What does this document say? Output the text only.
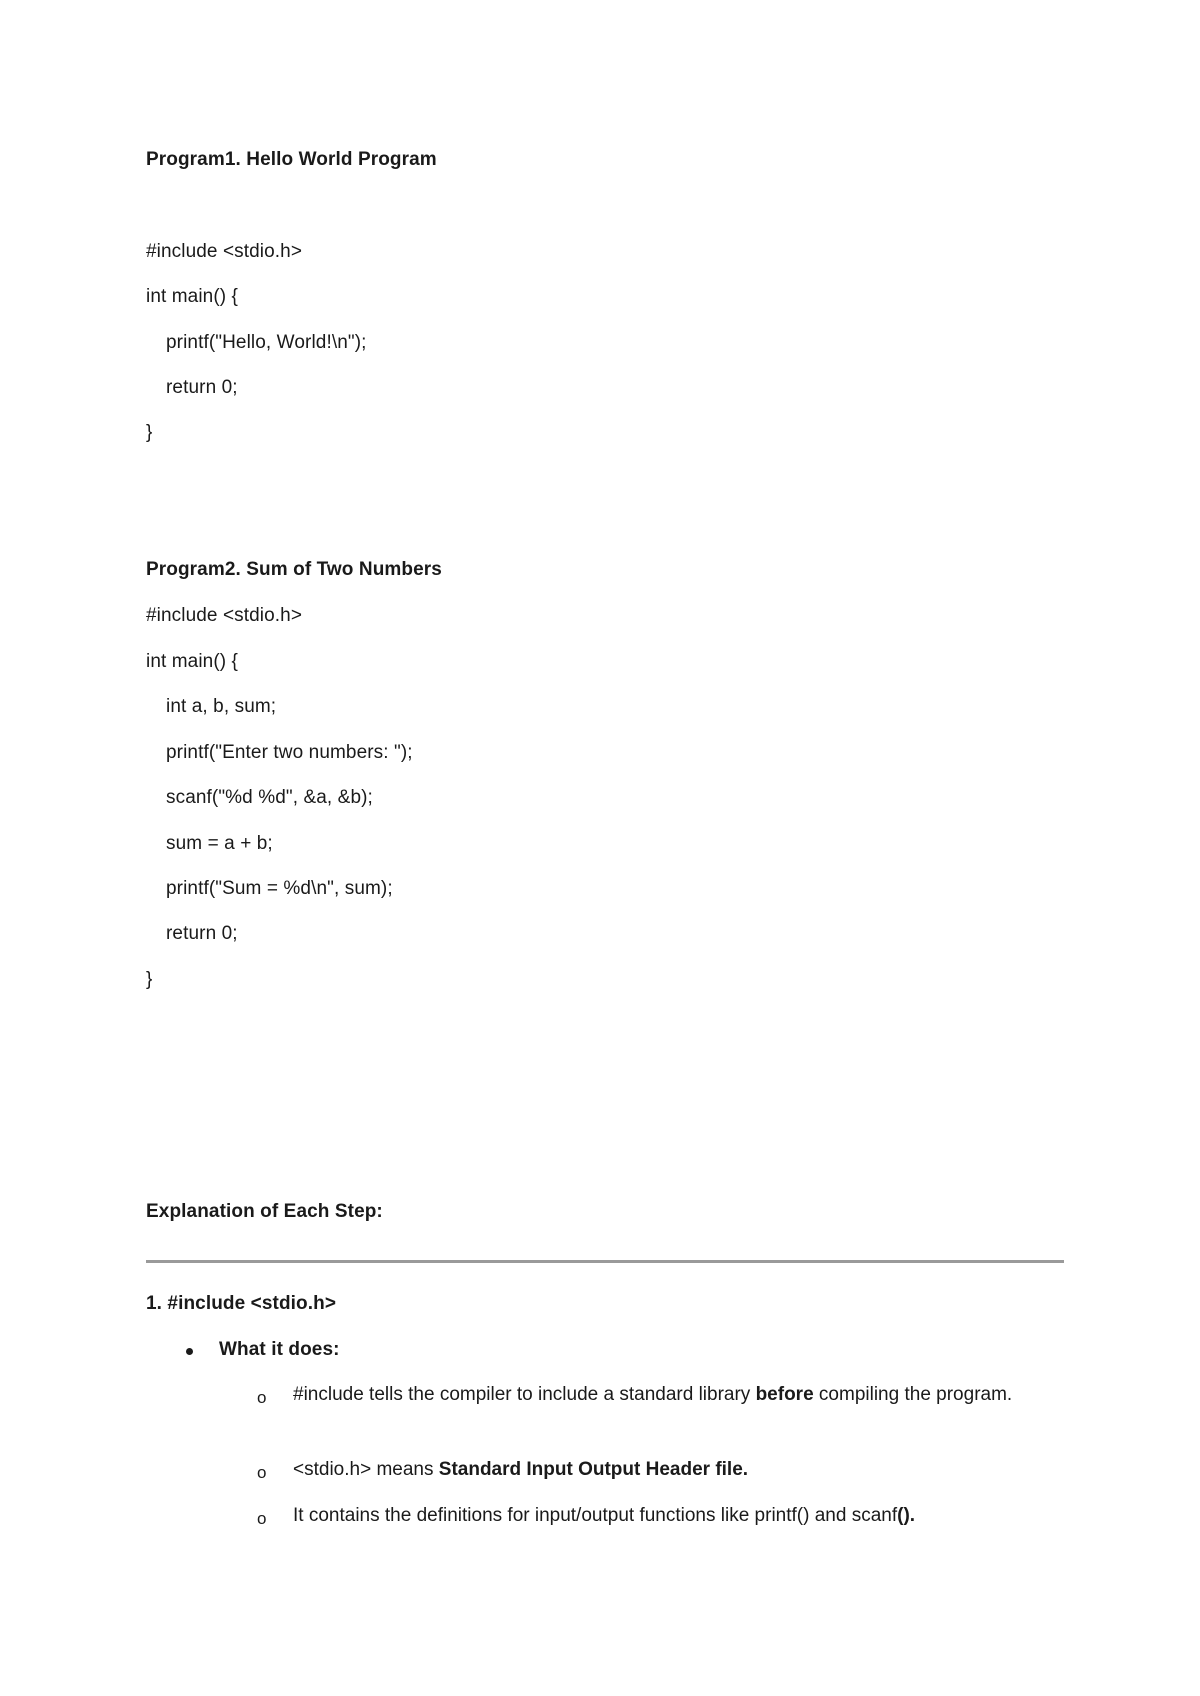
Program1. Hello World Program
#include <stdio.h>
int main() {
printf("Hello, World!\n");
return 0;
}
Program2. Sum of Two Numbers
#include <stdio.h>
int main() {
int a, b, sum;
printf("Enter two numbers: ");
scanf("%d %d", &a, &b);
sum = a + b;
printf("Sum = %d\n", sum);
return 0;
}
Explanation of Each Step:
1. #include <stdio.h>
What it does:
o #include tells the compiler to include a standard library before compiling the program.
o <stdio.h> means Standard Input Output Header file.
o It contains the definitions for input/output functions like printf() and scanf().
